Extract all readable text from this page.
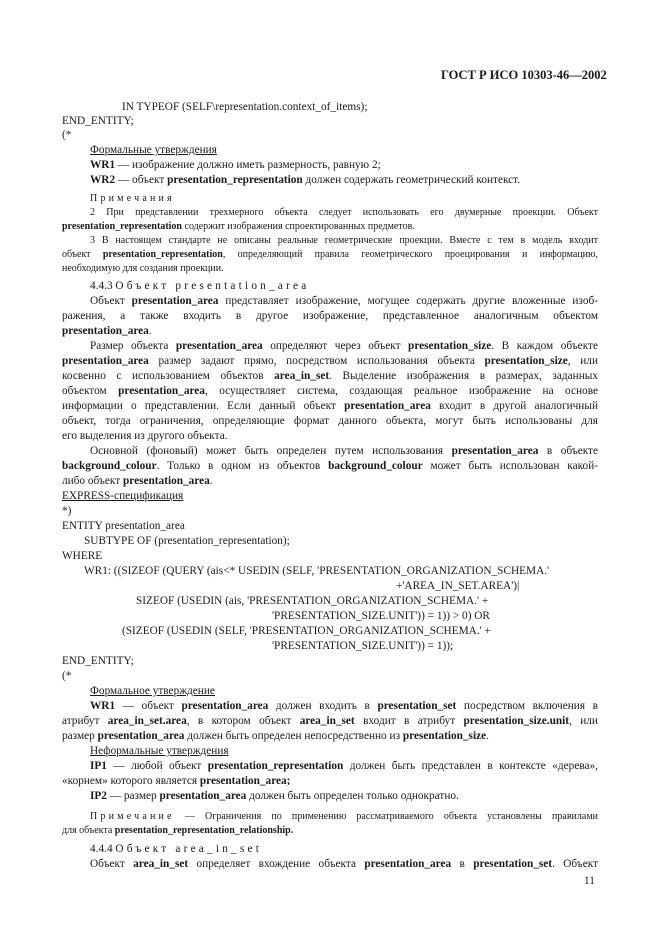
ГОСТ Р ИСО 10303-46—2002
IN TYPEOF (SELF\representation.context_of_items);
END_ENTITY;
(*
Формальные утверждения
WR1 — изображение должно иметь размерность, равную 2;
WR2 — объект presentation_representation должен содержать геометрический контекст.
Примечания
2 При представлении трехмерного объекта следует использовать его двумерные проекции. Объект
presentation_representation содержит изображения спроектированных предметов.
3 В настоящем стандарте не описаны реальные геометрические проекции. Вместе с тем в модель входит
объект presentation_representation, определяющий правила геометрического проецирования и информацию,
необходимую для создания проекции.
4.4.3 Объект presentation_area
Объект presentation_area представляет изображение, могущее содержать другие вложенные изоб-
ражения, а также входить в другое изображение, представленное аналогичным объектом
presentation_area.
Размер объекта presentation_area определяют через объект presentation_size. В каждом объекте
presentation_area размер задают прямо, посредством использования объекта presentation_size, или
косвенно с использованием объектов area_in_set. Выделение изображения в размерах, заданных
объектом presentation_area, осуществляет система, создающая реальное изображение на основе
информации о представлении. Если данный объект presentation_area входит в другой аналогичный
объект, тогда ограничения, определяющие формат данного объекта, могут быть использованы для
его выделения из другого объекта.
Основной (фоновый) может быть определен путем использования presentation_area в объекте
background_colour. Только в одном из объектов background_colour может быть использован какой-
либо объект presentation_area.
EXPRESS-спецификация
*)
ENTITY presentation_area
SUBTYPE OF (presentation_representation);
WHERE
WR1: ((SIZEOF (QUERY (ais<* USEDIN (SELF, 'PRESENTATION_ORGANIZATION_SCHEMA.'
+'AREA_IN_SET.AREA')|
SIZEOF (USEDIN (ais, 'PRESENTATION_ORGANIZATION_SCHEMA.' +
'PRESENTATION_SIZE.UNIT')) = 1)) > 0) OR
(SIZEOF (USEDIN (SELF, 'PRESENTATION_ORGANIZATION_SCHEMA.' +
'PRESENTATION_SIZE.UNIT')) = 1));
END_ENTITY;
(*
Формальное утверждение
WR1 — объект presentation_area должен входить в presentation_set посредством включения в
атрибут area_in_set.area, в котором объект area_in_set входит в атрибут presentation_size.unit, или
размер presentation_area должен быть определен непосредственно из presentation_size.
Неформальные утверждения
IP1 — любой объект presentation_representation должен быть представлен в контексте «дерева»,
«корнем» которого является presentation_area;
IP2 — размер presentation_area должен быть определен только однократно.
Примечание — Ограничения по применению рассматриваемого объекта установлены правилами
для объекта presentation_representation_relationship.
4.4.4 Объект area_in_set
Объект area_in_set определяет вхождение объекта presentation_area в presentation_set. Объект
11
